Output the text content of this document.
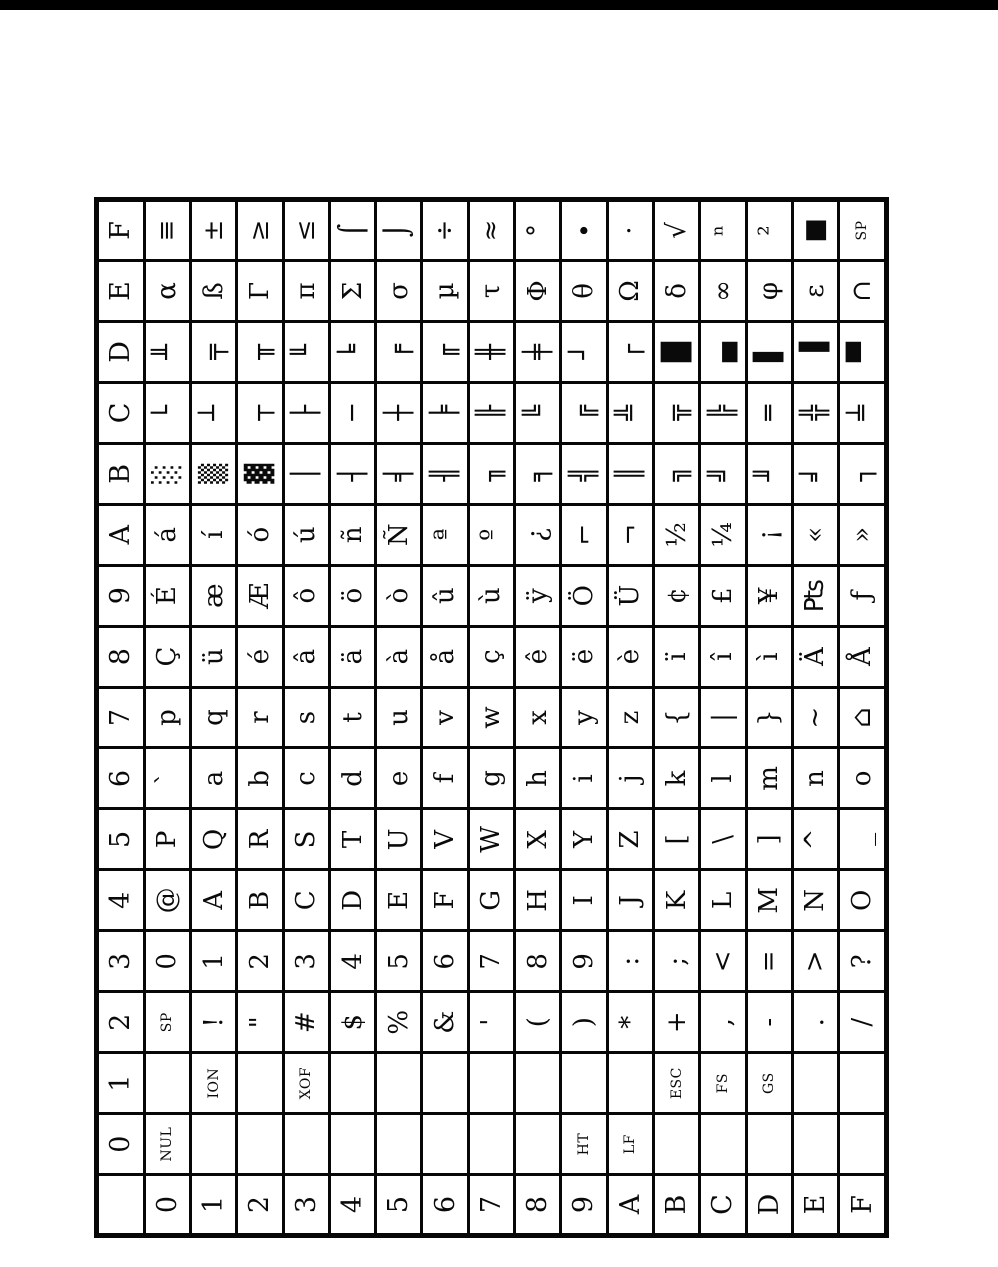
	0	1	2	3	4	5	6	7	8	9	A	B	C	D	E	F
0	NUL		SP	0	@	P	`	p	Ç	É	á	░	└	╨	α	≡
1		ION	!	1	A	Q	a	q	ü	æ	í	▒	┴	╤	ß	±
2			"	2	B	R	b	r	é	Æ	ó	▓	┬	╥	Γ	≥
3		XOF	#	3	C	S	c	s	â	ô	ú	│	├	╙	π	≤
4			$	4	D	T	d	t	ä	ö	ñ	┤	─	╘	Σ	⌠
5			%	5	E	U	e	u	à	ò	Ñ	╡	┼	╒	σ	⌡
6			&	6	F	V	f	v	å	û	ª	╢	╞	╓	µ	÷
7			'	7	G	W	g	w	ç	ù	º	╖	╟	╫	τ	≈
8			(	8	H	X	h	x	ê	ÿ	¿	╕	╚	╪	Φ	°
9	HT		)	9	I	Y	i	y	ë	Ö	⌐	╣	╔	┘	θ	∙
A	LF		*	:	J	Z	j	z	è	Ü	¬	║	╩	┌	Ω	·
B		ESC	+	;	K	[	k	{	ï	¢	½	╗	╦	█	δ	√
C		FS	,	<	L	\	l	|	î	£	¼	╝	╠	▄	∞	ⁿ
D		GS	-	=	M	]	m	}	ì	¥	¡	╜	═	▌	φ	²
E			.	>	N	^	n	~	Ä	₧	«	╛	╬	▐	ε	■
F			/	?	O	_	o	⌂	Å	ƒ	»	┐	╧	▀	∩	SP
